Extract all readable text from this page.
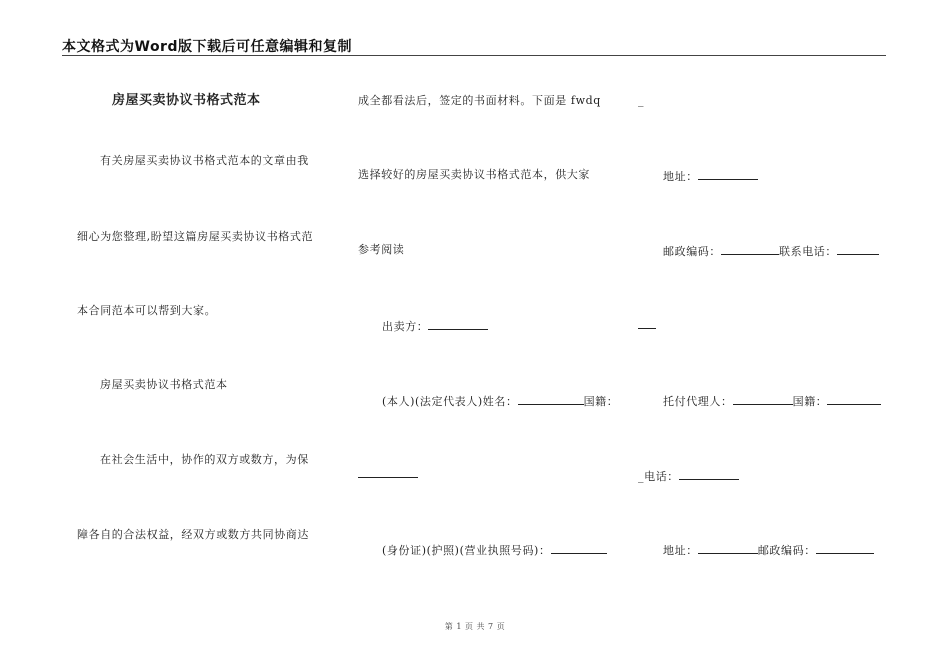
本文格式为Word版下载后可任意编辑和复制
房屋买卖协议书格式范本
有关房屋买卖协议书格式范本的文章由我
细心为您整理,盼望这篇房屋买卖协议书格式范
本合同范本可以帮到大家。
房屋买卖协议书格式范本
在社会生活中，协作的双方或数方，为保
障各自的合法权益，经双方或数方共同协商达
成全都看法后，签定的书面材料。下面是 fwdq
选择较好的房屋买卖协议书格式范本，供大家
参考阅读
出卖方：
(本人)(法定代表人)姓名：	国籍：
(身份证)(护照)(营业执照号码)：
_
地址：
邮政编码：	联系电话：
托付代理人：	国籍：
_电话：
地址：	邮政编码：
第 1 页 共 7 页
